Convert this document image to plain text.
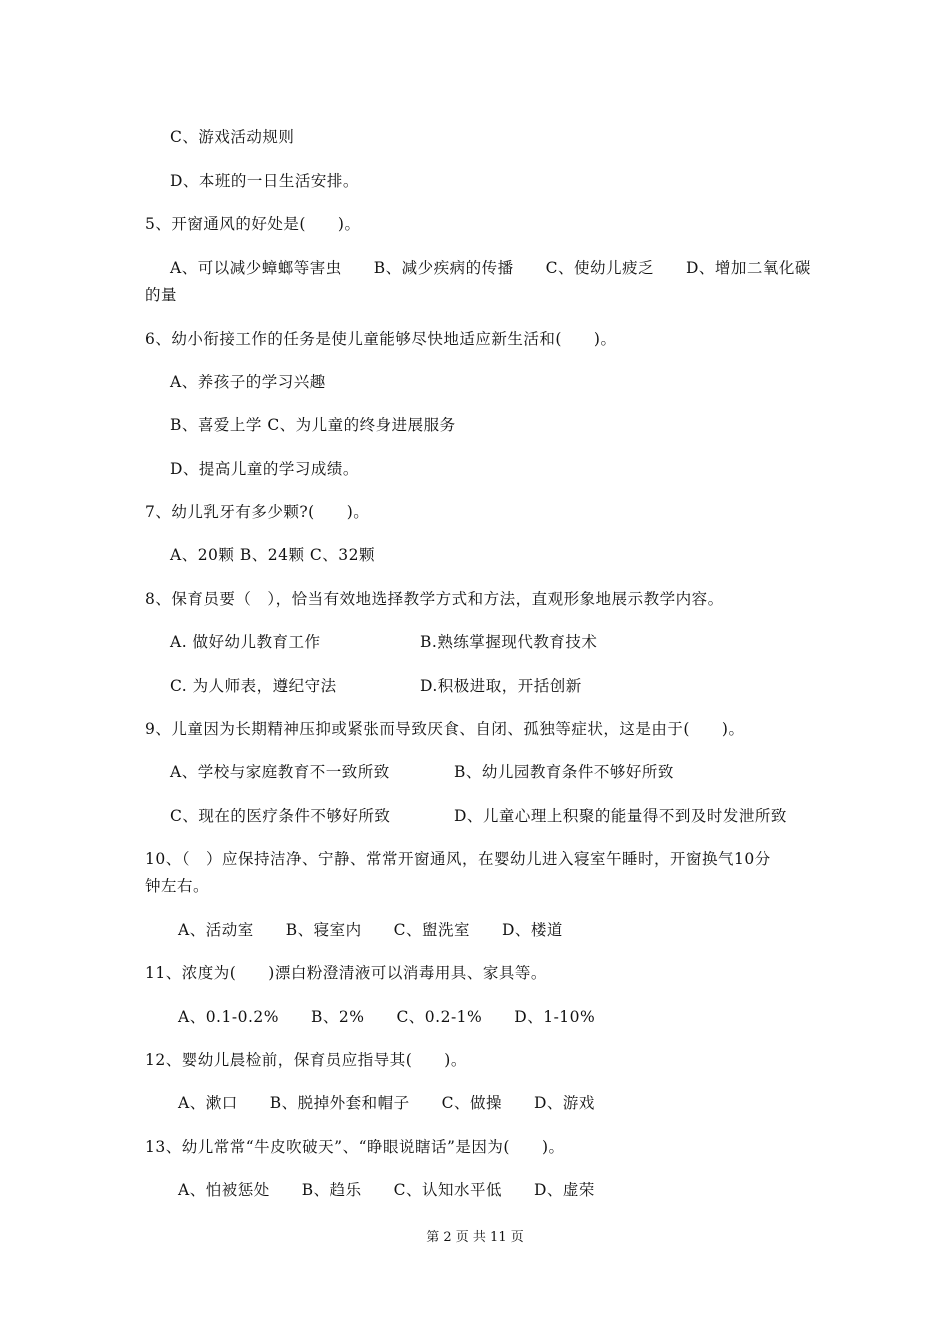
C、游戏活动规则
D、本班的一日生活安排。
5、开窗通风的好处是(　　)。
A、可以减少蟑螂等害虫　　B、减少疾病的传播　　C、使幼儿疲乏　　D、增加二氧化碳
的量
6、幼小衔接工作的任务是使儿童能够尽快地适应新生活和(　　)。
A、养孩子的学习兴趣
B、喜爱上学 C、为儿童的终身进展服务
D、提高儿童的学习成绩。
7、幼儿乳牙有多少颗?(　　)。
A、20颗 B、24颗 C、32颗
8、保育员要（　），恰当有效地选择教学方式和方法，直观形象地展示教学内容。
A. 做好幼儿教育工作	B.熟练掌握现代教育技术
C. 为人师表，遵纪守法	D.积极进取，开括创新
9、儿童因为长期精神压抑或紧张而导致厌食、自闭、孤独等症状，这是由于(　　)。
A、学校与家庭教育不一致所致	B、幼儿园教育条件不够好所致
C、现在的医疗条件不够好所致	D、儿童心理上积聚的能量得不到及时发泄所致
10、（　）应保持洁净、宁静、常常开窗通风，在婴幼儿进入寝室午睡时，开窗换气10分
钟左右。
A、活动室　　B、寝室内　　C、盥洗室　　D、楼道
11、浓度为(　　)漂白粉澄清液可以消毒用具、家具等。
A、0.1-0.2%　　B、2%　　C、0.2-1%　　D、1-10%
12、婴幼儿晨检前，保育员应指导其(　　)。
A、漱口　　B、脱掉外套和帽子　　C、做操　　D、游戏
13、幼儿常常“牛皮吹破天”、“睁眼说瞎话”是因为(　　)。
A、怕被惩处　　B、趋乐　　C、认知水平低　　D、虚荣
第 2 页 共 11 页
